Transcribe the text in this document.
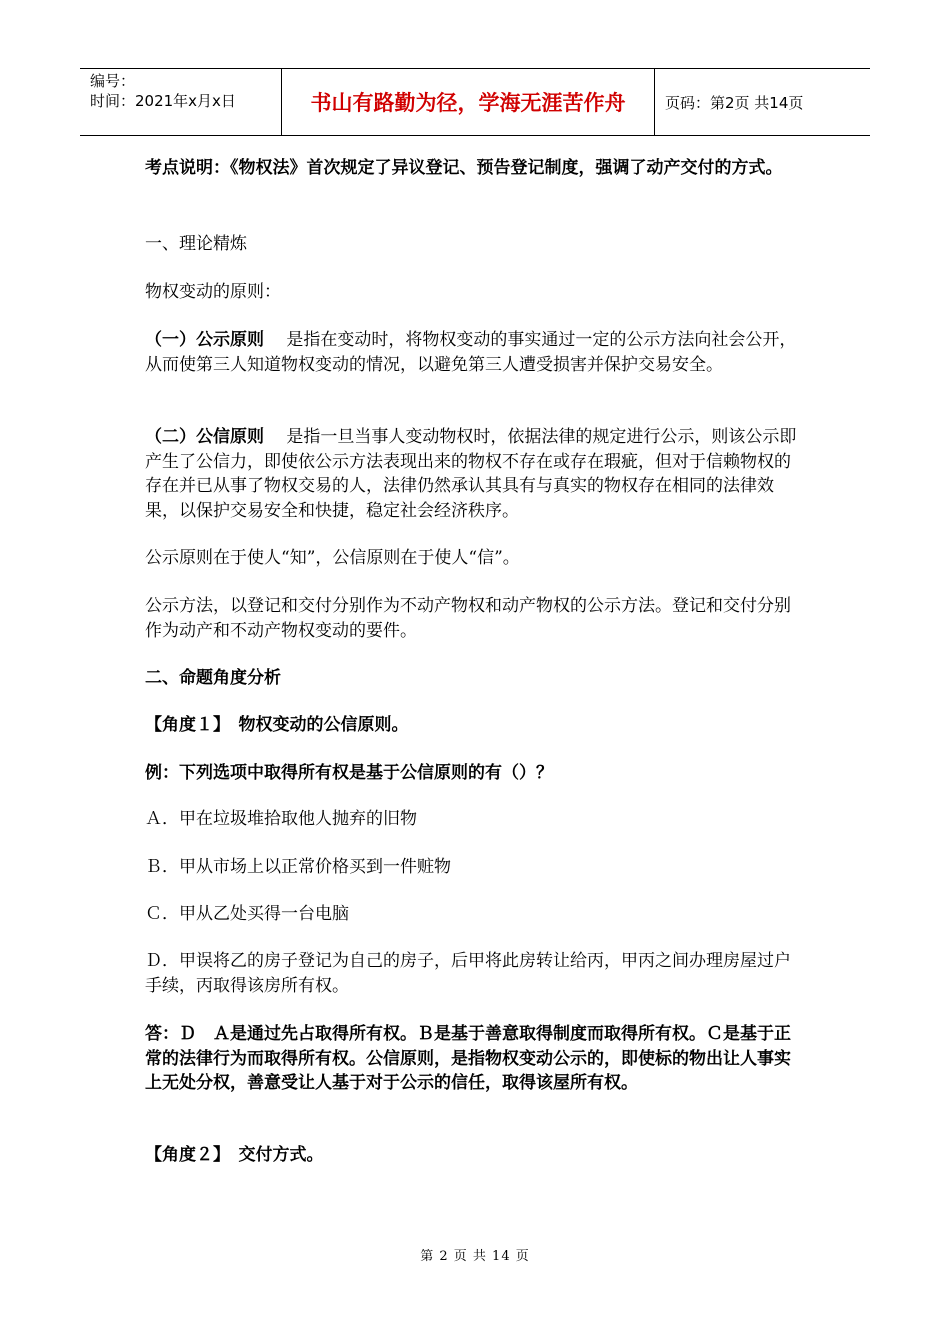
编号：
时间：2021年x月x日	书山有路勤为径，学海无涯苦作舟	页码：第2页 共14页

考点说明：《物权法》首次规定了异议登记、预告登记制度，强调了动产交付的方式。

一、理论精炼

物权变动的原则：

（一）公示原则　 是指在变动时，将物权变动的事实通过一定的公示方法向社会公开，从而使第三人知道物权变动的情况，以避免第三人遭受损害并保护交易安全。

（二）公信原则　 是指一旦当事人变动物权时，依据法律的规定进行公示，则该公示即产生了公信力，即使依公示方法表现出来的物权不存在或存在瑕疵，但对于信赖物权的存在并已从事了物权交易的人，法律仍然承认其具有与真实的物权存在相同的法律效果，以保护交易安全和快捷，稳定社会经济秩序。

公示原则在于使人“知”，公信原则在于使人“信”。

公示方法，以登记和交付分别作为不动产物权和动产物权的公示方法。登记和交付分别作为动产和不动产物权变动的要件。

二、命题角度分析

【角度１】　物权变动的公信原则。

例：下列选项中取得所有权是基于公信原则的有（）？

Ａ．甲在垃圾堆拾取他人抛弃的旧物

Ｂ．甲从市场上以正常价格买到一件赃物

Ｃ．甲从乙处买得一台电脑

Ｄ．甲误将乙的房子登记为自己的房子，后甲将此房转让给丙，甲丙之间办理房屋过户手续，丙取得该房所有权。

答：Ｄ　Ａ是通过先占取得所有权。Ｂ是基于善意取得制度而取得所有权。Ｃ是基于正常的法律行为而取得所有权。公信原则，是指物权变动公示的，即使标的物出让人事实上无处分权，善意受让人基于对于公示的信任，取得该屋所有权。

【角度２】　交付方式。

第 2 页 共 14 页
